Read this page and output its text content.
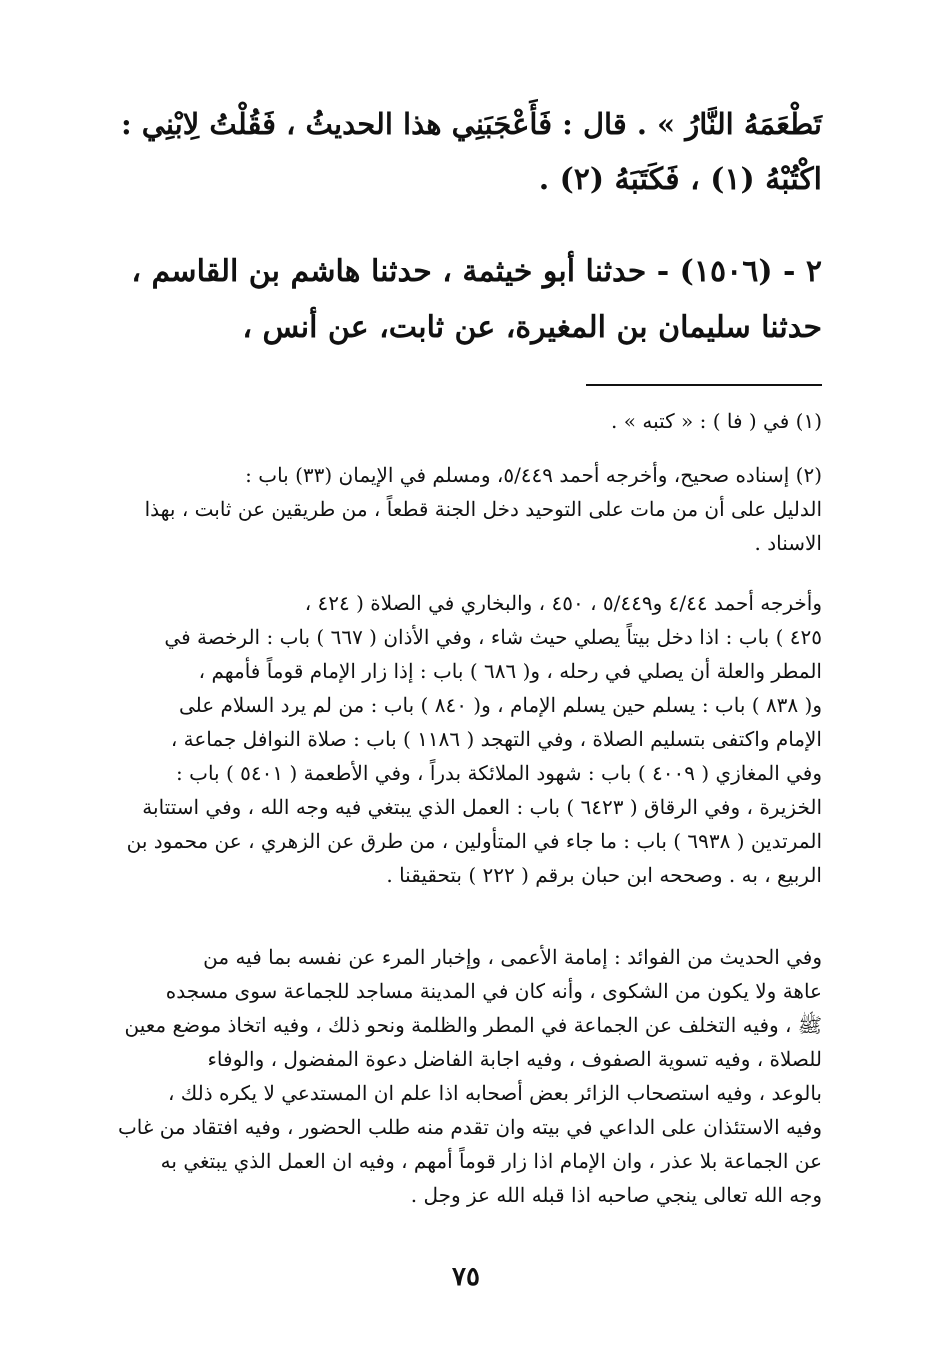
تَطْعَمَهُ النَّارُ » . قال : فَأَعْجَبَنِي هذا الحديثُ ، فَقُلْتُ لِابْنِي :
اكْتُبْهُ (١) ، فَكَتَبَهُ (٢) .
٢ - (١٥٠٦) - حدثنا أبو خيثمة ، حدثنا هاشم بن القاسم ،
حدثنا سليمان بن المغيرة، عن ثابت، عن أنس ،
(١) في ( فا ) : « كتبه » .
(٢) إسناده صحيح، وأخرجه أحمد ٥/٤٤٩، ومسلم في الإيمان (٣٣) باب :
الدليل على أن من مات على التوحيد دخل الجنة قطعاً ، من طريقين عن ثابت ، بهذا
الاسناد .
وأخرجه أحمد ٤/٤٤ و٥/٤٤٩ ، ٤٥٠ ، والبخاري في الصلاة ( ٤٢٤ ،
٤٢٥ ) باب : اذا دخل بيتاً يصلي حيث شاء ، وفي الأذان ( ٦٦٧ ) باب : الرخصة في
المطر والعلة أن يصلي في رحله ، و( ٦٨٦ ) باب : إذا زار الإمام قوماً فأمهم ،
و( ٨٣٨ ) باب : يسلم حين يسلم الإمام ، و( ٨٤٠ ) باب : من لم يرد السلام على
الإمام واكتفى بتسليم الصلاة ، وفي التهجد ( ١١٨٦ ) باب : صلاة النوافل جماعة ،
وفي المغازي ( ٤٠٠٩ ) باب : شهود الملائكة بدراً ، وفي الأطعمة ( ٥٤٠١ ) باب :
الخزيرة ، وفي الرقاق ( ٦٤٢٣ ) باب : العمل الذي يبتغي فيه وجه الله ، وفي استتابة
المرتدين ( ٦٩٣٨ ) باب : ما جاء في المتأولين ، من طرق عن الزهري ، عن محمود بن
الربيع ، به . وصححه ابن حبان برقم ( ٢٢٢ ) بتحقيقنا .
وفي الحديث من الفوائد : إمامة الأعمى ، وإخبار المرء عن نفسه بما فيه من
عاهة ولا يكون من الشكوى ، وأنه كان في المدينة مساجد للجماعة سوى مسجده
ﷺ ، وفيه التخلف عن الجماعة في المطر والظلمة ونحو ذلك ، وفيه اتخاذ موضع معين
للصلاة ، وفيه تسوية الصفوف ، وفيه اجابة الفاضل دعوة المفضول ، والوفاء
بالوعد ، وفيه استصحاب الزائر بعض أصحابه اذا علم ان المستدعي لا يكره ذلك ،
وفيه الاستئذان على الداعي في بيته وان تقدم منه طلب الحضور ، وفيه افتقاد من غاب
عن الجماعة بلا عذر ، وان الإمام اذا زار قوماً أمهم ، وفيه ان العمل الذي يبتغي به
وجه الله تعالى ينجي صاحبه اذا قبله الله عز وجل .
٧٥
